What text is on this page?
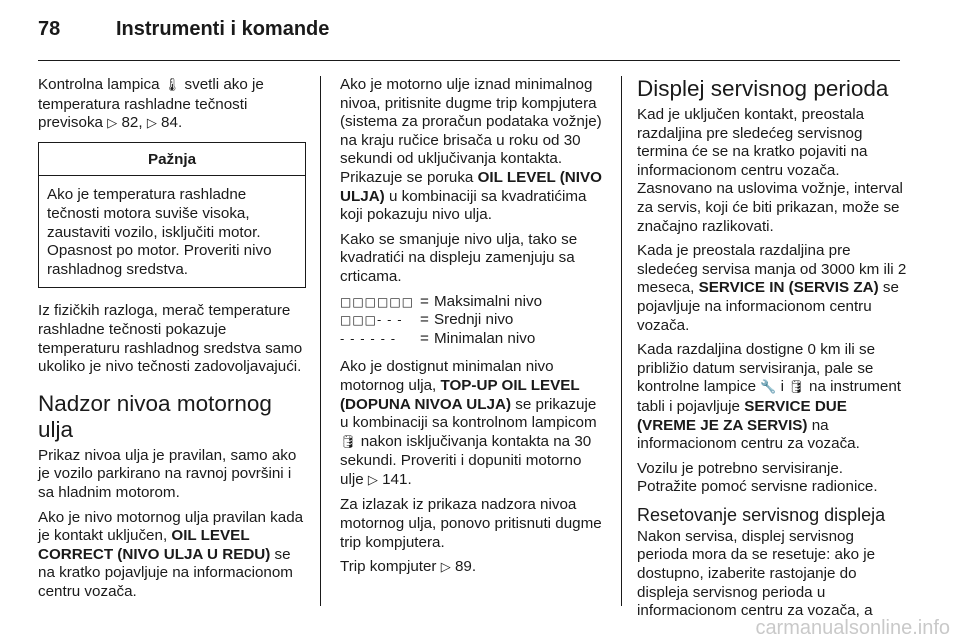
78	Instrumenti i komande

Kontrolna lampica 🌡 svetli ako je temperatura rashladne tečnosti previsoka ▷ 82, ▷ 84.

Pažnja
Ako je temperatura rashladne tečnosti motora suviše visoka, zaustaviti vozilo, isključiti motor. Opasnost po motor. Proveriti nivo rashladnog sredstva.

Iz fizičkih razloga, merač temperature rashladne tečnosti pokazuje temperaturu rashladnog sredstva samo ukoliko je nivo tečnosti zadovoljavajući.

Nadzor nivoa motornog ulja

Prikaz nivoa ulja je pravilan, samo ako je vozilo parkirano na ravnoj površini i sa hladnim motorom.

Ako je nivo motornog ulja pravilan kada je kontakt uključen, OIL LEVEL CORRECT (NIVO ULJA U REDU) se na kratko pojavljuje na informacionom centru vozača.

Ako je motorno ulje iznad minimalnog nivoa, pritisnite dugme trip kompjutera (sistema za proračun podataka vožnje) na kraju ručice brisača u roku od 30 sekundi od uključivanja kontakta. Prikazuje se poruka OIL LEVEL (NIVO ULJA) u kombinaciji sa kvadratićima koji pokazuju nivo ulja.

Kako se smanjuje nivo ulja, tako se kvadratići na displeju zamenjuju sa crticama.

□□□□□□ = Maksimalni nivo
□□□- - -	= Srednji nivo
- - - - - -	= Minimalan nivo

Ako je dostignut minimalan nivo motornog ulja, TOP-UP OIL LEVEL (DOPUNA NIVOA ULJA) se prikazuje u kombinaciji sa kontrolnom lampicom 🛢 nakon isključivanja kontakta na 30 sekundi. Proveriti i dopuniti motorno ulje ▷ 141.

Za izlazak iz prikaza nadzora nivoa motornog ulja, ponovo pritisnuti dugme trip kompjutera.

Trip kompjuter ▷ 89.

Displej servisnog perioda

Kad je uključen kontakt, preostala razdaljina pre sledećeg servisnog termina će se na kratko pojaviti na informacionom centru vozača. Zasnovano na uslovima vožnje, interval za servis, koji će biti prikazan, može se značajno razlikovati.

Kada je preostala razdaljina pre sledećeg servisa manja od 3000 km ili 2 meseca, SERVICE IN (SERVIS ZA) se pojavljuje na informacionom centru vozača.

Kada razdaljina dostigne 0 km ili se približio datum servisiranja, pale se kontrolne lampice 🔧 i 🛢 na instrument tabli i pojavljuje SERVICE DUE (VREME JE ZA SERVIS) na informacionom centru za vozača.

Vozilu je potrebno servisiranje. Potražite pomoć servisne radionice.

Resetovanje servisnog displeja

Nakon servisa, displej servisnog perioda mora da se resetuje: ako je dostupno, izaberite rastojanje do displeja servisnog perioda u informacionom centru za vozača, a

carmanualsonline.info
